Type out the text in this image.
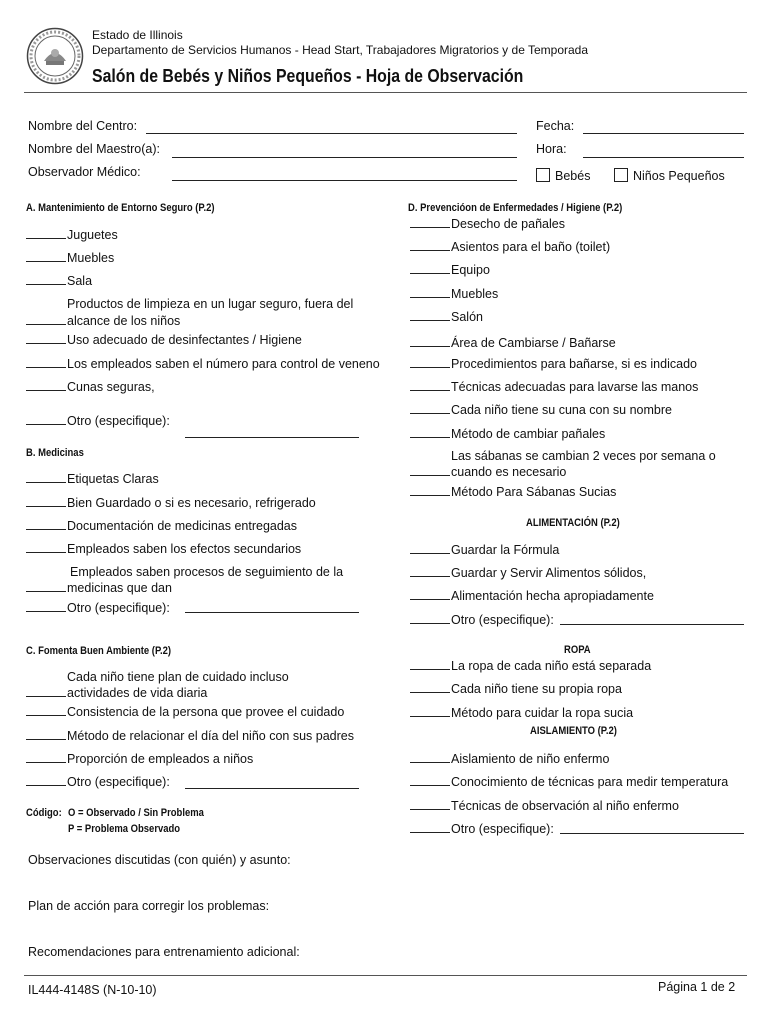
Estado de Illinois
Departamento de Servicios Humanos - Head Start, Trabajadores Migratorios y de Temporada
Salón de Bebés y Niños Pequeños - Hoja de Observación
Nombre del Centro:
Nombre del Maestro(a):
Observador Médico:
Fecha:
Hora:
Bebés	Niños Pequeños
A. Mantenimiento de Entorno Seguro (P.2)
Juguetes
Muebles
Sala
Productos de limpieza en un lugar seguro, fuera del
alcance de los niños
Uso adecuado de desinfectantes / Higiene
Los empleados saben el número para control de veneno
Cunas seguras,
Otro (especifique):
B. Medicinas
Etiquetas Claras
Bien Guardado o si es necesario, refrigerado
Documentación de medicinas entregadas
Empleados saben los efectos secundarios
Empleados saben procesos de seguimiento de la
medicinas que dan
Otro (especifique):
C. Fomenta Buen Ambiente (P.2)
Cada niño tiene plan de cuidado incluso
actividades de vida diaria
Consistencia de la persona que provee el cuidado
Método de relacionar el día del niño con sus padres
Proporción de empleados a niños
Otro (especifique):
Código: O = Observado / Sin Problema
P = Problema Observado
D. Prevencióon de Enfermedades / Higiene (P.2)
Desecho de pañales
Asientos para el baño (toilet)
Equipo
Muebles
Salón
Área de Cambiarse / Bañarse
Procedimientos para bañarse, si es indicado
Técnicas adecuadas para lavarse las manos
Cada niño tiene su cuna con su nombre
Método de cambiar pañales
Las sábanas se cambian 2 veces por semana o
cuando es necesario
Método Para Sábanas Sucias
ALIMENTACIÓN (P.2)
Guardar la Fórmula
Guardar y Servir Alimentos sólidos,
Alimentación hecha apropiadamente
Otro (especifique):
ROPA
La ropa de cada niño está separada
Cada niño tiene su propia ropa
Método para cuidar la ropa sucia
AISLAMIENTO (P.2)
Aislamiento de niño enfermo
Conocimiento de técnicas para medir temperatura
Técnicas de observación al niño enfermo
Otro (especifique):
Observaciones discutidas (con quién) y asunto:
Plan de acción para corregir los problemas:
Recomendaciones para entrenamiento adicional:
IL444-4148S (N-10-10)	Página 1 de 2
